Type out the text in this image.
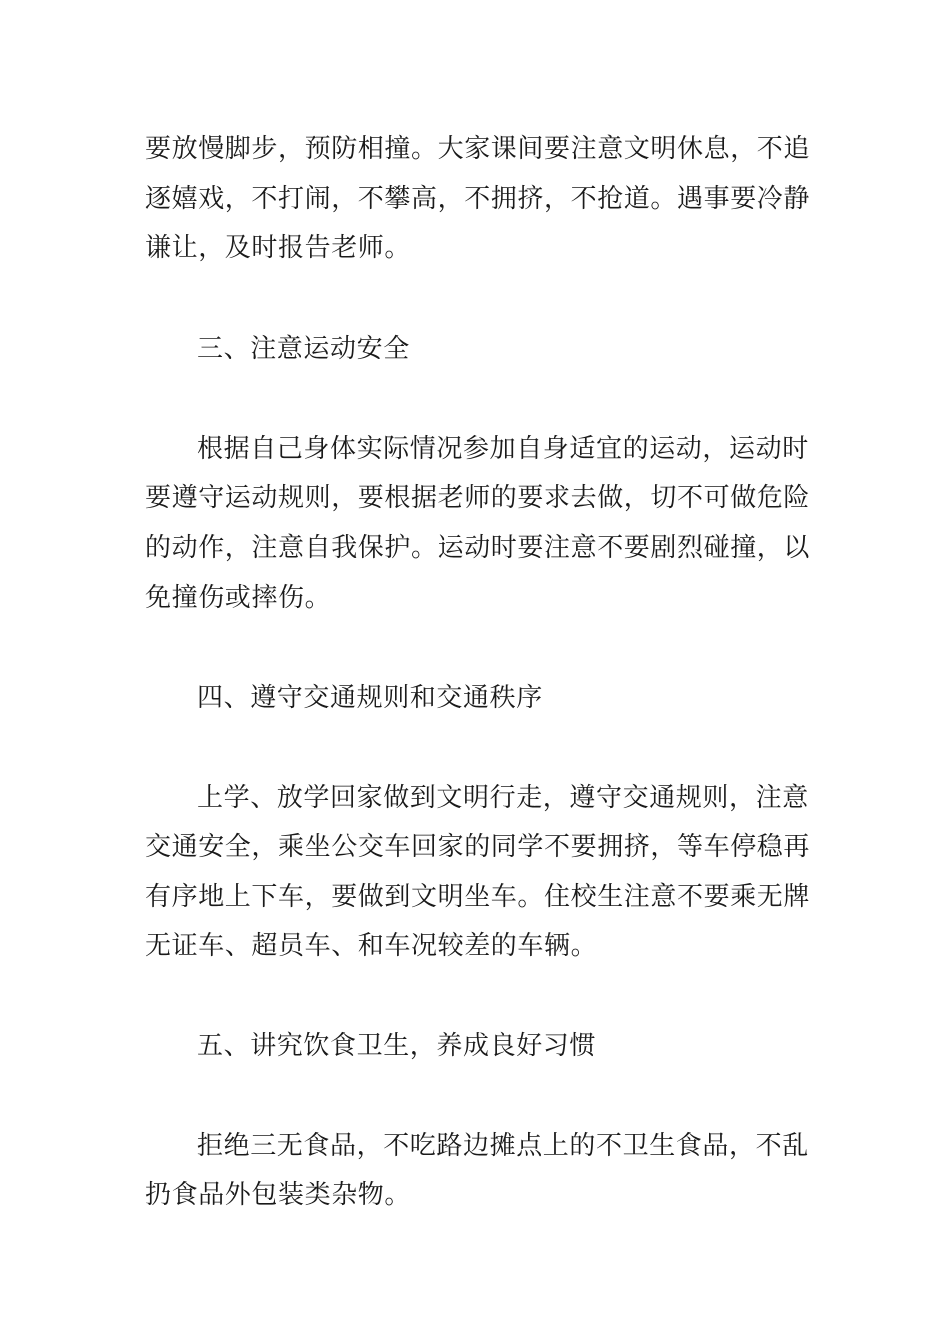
要放慢脚步，预防相撞。大家课间要注意文明休息，不追
逐嬉戏，不打闹，不攀高，不拥挤，不抢道。遇事要冷静
谦让，及时报告老师。
三、注意运动安全
根据自己身体实际情况参加自身适宜的运动，运动时
要遵守运动规则，要根据老师的要求去做，切不可做危险
的动作，注意自我保护。运动时要注意不要剧烈碰撞，以
免撞伤或摔伤。
四、遵守交通规则和交通秩序
上学、放学回家做到文明行走，遵守交通规则，注意
交通安全，乘坐公交车回家的同学不要拥挤，等车停稳再
有序地上下车，要做到文明坐车。住校生注意不要乘无牌
无证车、超员车、和车况较差的车辆。
五、讲究饮食卫生，养成良好习惯
拒绝三无食品，不吃路边摊点上的不卫生食品，不乱
扔食品外包装类杂物。
